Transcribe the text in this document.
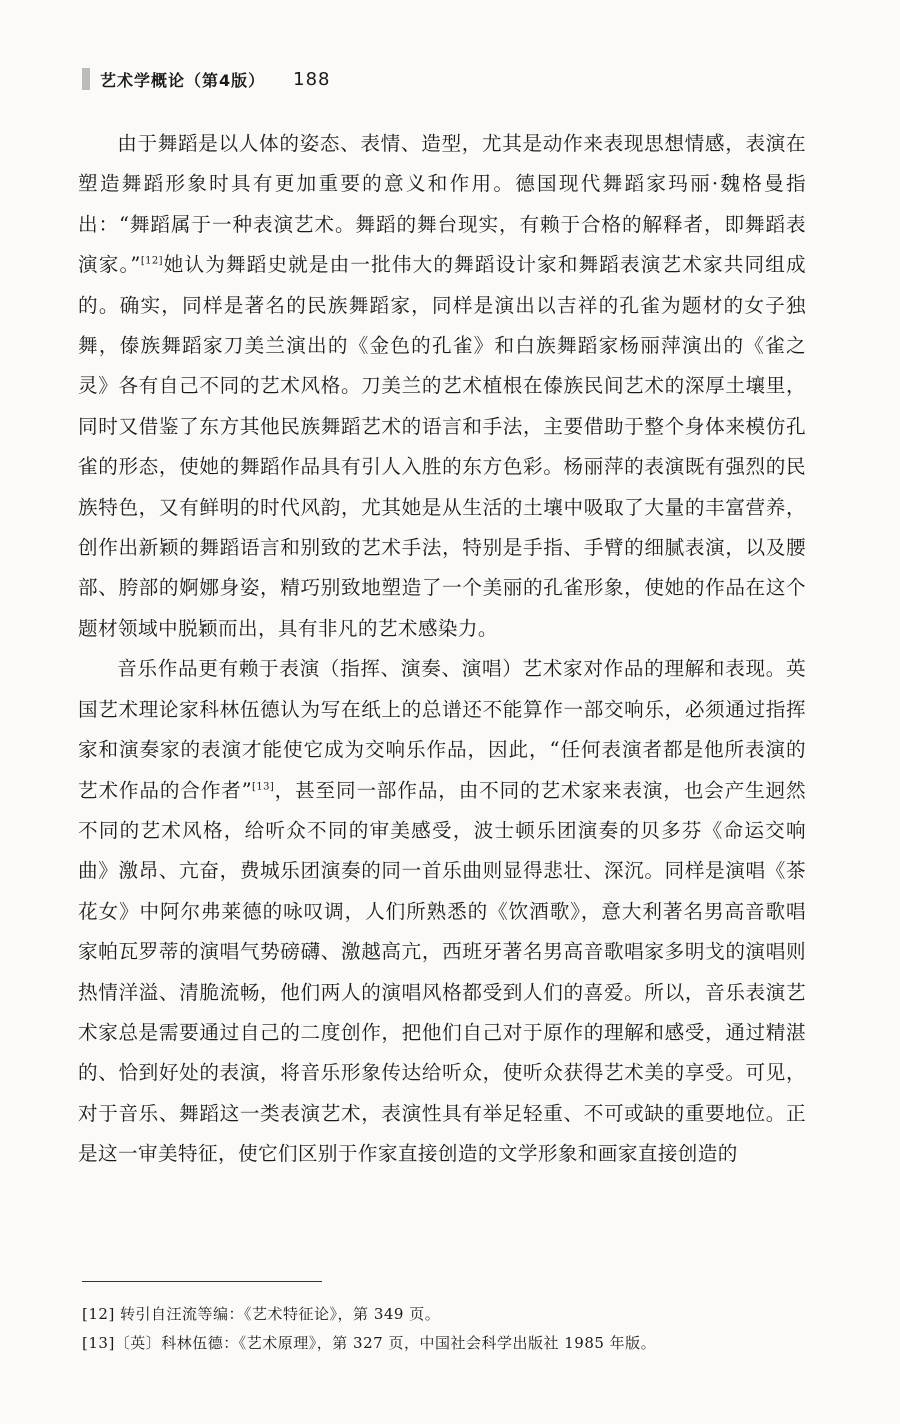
艺术学概论（第4版） 188

由于舞蹈是以人体的姿态、表情、造型，尤其是动作来表现思想情感，表演在塑造舞蹈形象时具有更加重要的意义和作用。德国现代舞蹈家玛丽·魏格曼指出：“舞蹈属于一种表演艺术。舞蹈的舞台现实，有赖于合格的解释者，即舞蹈表演家。”[12]她认为舞蹈史就是由一批伟大的舞蹈设计家和舞蹈表演艺术家共同组成的。确实，同样是著名的民族舞蹈家，同样是演出以吉祥的孔雀为题材的女子独舞，傣族舞蹈家刀美兰演出的《金色的孔雀》和白族舞蹈家杨丽萍演出的《雀之灵》各有自己不同的艺术风格。刀美兰的艺术植根在傣族民间艺术的深厚土壤里，同时又借鉴了东方其他民族舞蹈艺术的语言和手法，主要借助于整个身体来模仿孔雀的形态，使她的舞蹈作品具有引人入胜的东方色彩。杨丽萍的表演既有强烈的民族特色，又有鲜明的时代风韵，尤其她是从生活的土壤中吸取了大量的丰富营养，创作出新颖的舞蹈语言和别致的艺术手法，特别是手指、手臂的细腻表演，以及腰部、胯部的婀娜身姿，精巧别致地塑造了一个美丽的孔雀形象，使她的作品在这个题材领域中脱颖而出，具有非凡的艺术感染力。

音乐作品更有赖于表演（指挥、演奏、演唱）艺术家对作品的理解和表现。英国艺术理论家科林伍德认为写在纸上的总谱还不能算作一部交响乐，必须通过指挥家和演奏家的表演才能使它成为交响乐作品，因此，“任何表演者都是他所表演的艺术作品的合作者”[13]，甚至同一部作品，由不同的艺术家来表演，也会产生迥然不同的艺术风格，给听众不同的审美感受，波士顿乐团演奏的贝多芬《命运交响曲》激昂、亢奋，费城乐团演奏的同一首乐曲则显得悲壮、深沉。同样是演唱《茶花女》中阿尔弗莱德的咏叹调，人们所熟悉的《饮酒歌》，意大利著名男高音歌唱家帕瓦罗蒂的演唱气势磅礴、激越高亢，西班牙著名男高音歌唱家多明戈的演唱则热情洋溢、清脆流畅，他们两人的演唱风格都受到人们的喜爱。所以，音乐表演艺术家总是需要通过自己的二度创作，把他们自己对于原作的理解和感受，通过精湛的、恰到好处的表演，将音乐形象传达给听众，使听众获得艺术美的享受。可见，对于音乐、舞蹈这一类表演艺术，表演性具有举足轻重、不可或缺的重要地位。正是这一审美特征，使它们区别于作家直接创造的文学形象和画家直接创造的

[12] 转引自汪流等编：《艺术特征论》，第 349 页。
[13]〔英〕科林伍德：《艺术原理》，第 327 页，中国社会科学出版社 1985 年版。
